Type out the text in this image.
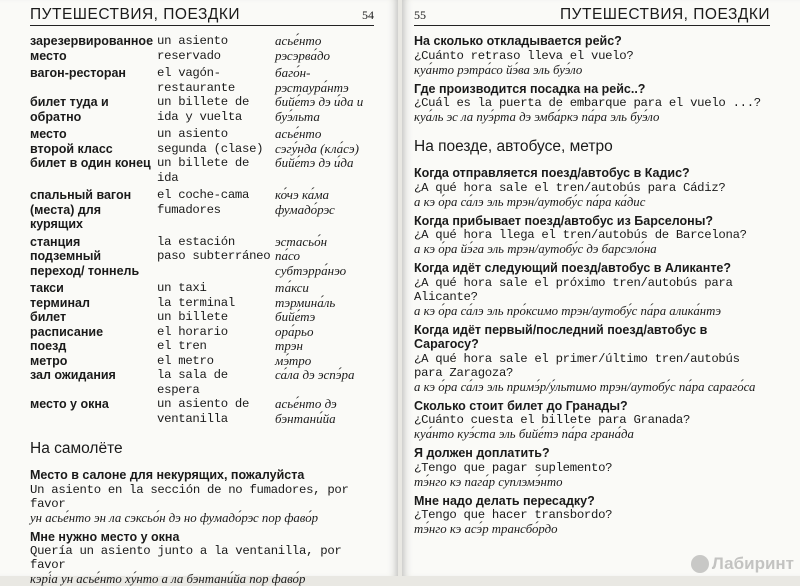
ПУТЕШЕСТВИЯ, ПОЕЗДКИ	54
зарезервированное место	un asiento reservado	асье́нто рэсэрва́до
вагон-ресторан	el vagón-restaurante	баго́н-рэстаура́нтэ
билет туда и обратно	un billete de ida y vuelta	бийе́тэ дэ и́да и буэ́льта
место	un asiento	асье́нто
второй класс	segunda (clase)	сэгу́нда (кла́сэ)
билет в один конец	un billete de ida	бийе́тэ дэ и́да
спальный вагон	el coche-cama	ко́чэ ка́ма
(места) для курящих	fumadores	фумадо́рэс
станция	la estación	эстасьо́н
подземный переход/ тоннель	paso subterráneo	па́со субтэрра́нэо
такси	un taxi	та́кси
терминал	la terminal	тэрмина́ль
билет	un billete	бийе́тэ
расписание	el horario	ора́рьо
поезд	el tren	трэн
метро	el metro	мэ́тро
зал ожидания	la sala de espera	са́ла дэ эспэ́ра
место у окна	un asiento de ventanilla	асье́нто дэ бэнтани́йа
На самолёте
Место в салоне для некурящих, пожалуйста
Un asiento en la sección de no fumadores, por favor
ун асье́нто эн ла сэксьо́н дэ но фумадо́рэс пор фаво́р
Мне нужно место у окна
Quería un asiento junto a la ventanilla, por favor
кэрі́а ун асье́нто ху́нто а ла бэнтани́йа пор фаво́р
55	ПУТЕШЕСТВИЯ, ПОЕЗДКИ
На сколько откладывается рейс?
¿Cuánto retraso lleva el vuelo?
куа́нто рэтра́со йэ́ва эль буэ́ло
Где производится посадка на рейс..?
¿Cuál es la puerta de embarque para el vuelo ...?
куа́ль эс ла пуэ́рта дэ эмба́ркэ па́ра эль буэ́ло
На поезде, автобусе, метро
Когда отправляется поезд/автобус в Кадис?
¿A qué hora sale el tren/autobús para Cádiz?
а кэ о́ра са́лэ эль трэн/аутобу́с па́ра ка́дис
Когда прибывает поезд/автобус из Барселоны?
¿A qué hora llega el tren/autobús de Barcelona?
а кэ о́ра йэ́га эль трэн/аутобу́с дэ барсэло́на
Когда идёт следующий поезд/автобус в Аликанте?
¿A qué hora sale el próximo tren/autobús para Alicante?
а кэ о́ра са́лэ эль про́ксимо трэн/аутобу́с па́ра алика́нтэ
Когда идёт первый/последний поезд/автобус в Сарагосу?
¿A qué hora sale el primer/último tren/autobús para Zaragoza?
а кэ о́ра са́лэ эль примэ́р/у́льтимо трэн/аутобу́с па́ра сараго́са
Сколько стоит билет до Гранады?
¿Cuánto cuesta el billete para Granada?
куа́нто куэ́ста эль бийе́тэ па́ра грана́да
Я должен доплатить?
¿Tengo que pagar suplemento?
тэ́нго кэ пага́р суплэмэ́нто
Мне надо делать пересадку?
¿Tengo que hacer transbordo?
тэ́нго кэ асэ́р трансбо́рдо
Лабиринт
